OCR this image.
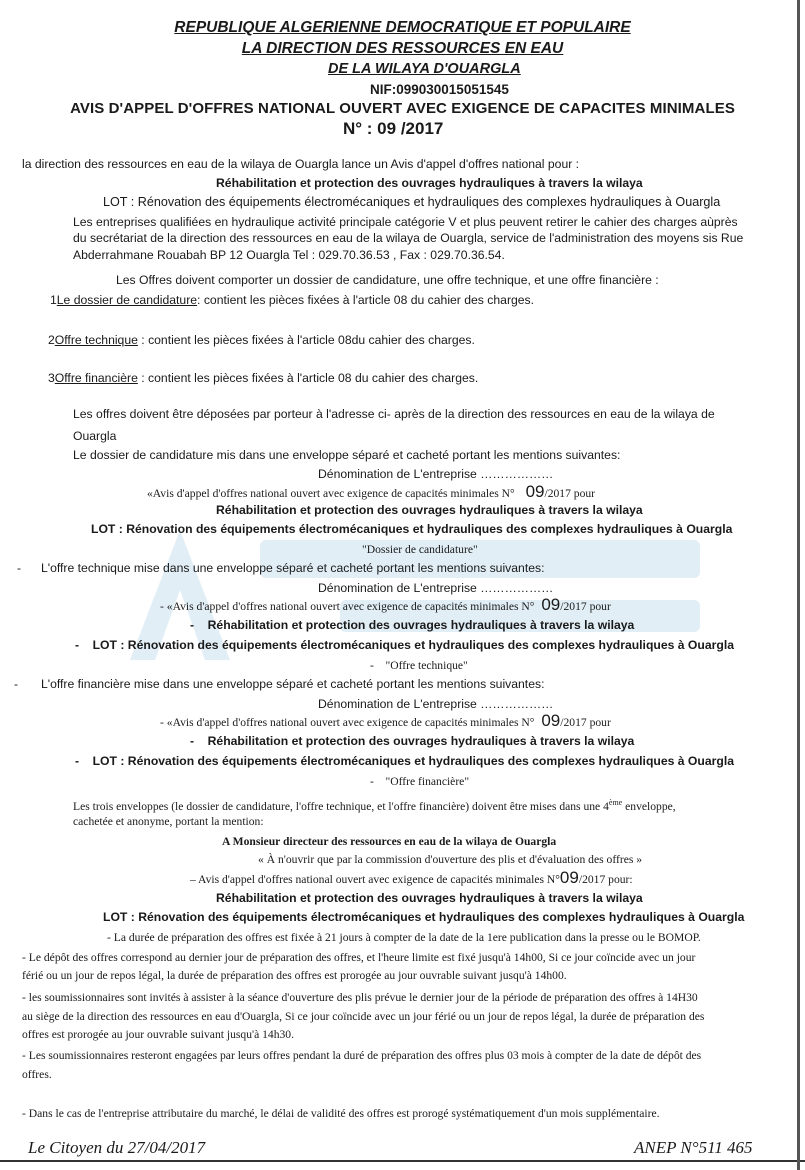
REPUBLIQUE ALGERIENNE DEMOCRATIQUE ET POPULAIRE
LA DIRECTION DES RESSOURCES EN EAU
DE LA WILAYA D'OUARGLA
NIF:099030015051545
AVIS D'APPEL D'OFFRES NATIONAL OUVERT AVEC EXIGENCE DE CAPACITES MINIMALES
N° : 09 /2017
la direction des ressources en eau de la wilaya de Ouargla lance un Avis d'appel d'offres national pour :
Réhabilitation et protection des ouvrages hydrauliques à travers la wilaya
LOT : Rénovation des équipements électromécaniques et hydrauliques des complexes hydrauliques à Ouargla
Les entreprises qualifiées en hydraulique activité principale catégorie V et plus peuvent retirer le cahier des charges aùprès
du secrétariat de la direction des ressources en eau de la wilaya de Ouargla, service de l'administration des moyens sis Rue
Abderrahmane Rouabah BP 12 Ouargla Tel : 029.70.36.53 , Fax : 029.70.36.54.
Les Offres doivent comporter un dossier de candidature, une offre technique, et une offre financière :
1Le dossier de candidature: contient les pièces fixées à l'article 08 du cahier des charges.
2Offre technique : contient les pièces fixées à l'article 08du cahier des charges.
3Offre financière : contient les pièces fixées à l'article 08 du cahier des charges.
Les offres doivent être déposées par porteur à l'adresse ci- après de la direction des ressources en eau de la wilaya de
Ouargla
Le dossier de candidature mis dans une enveloppe séparé et cacheté portant les mentions suivantes:
Dénomination de L'entreprise ………………
«Avis d'appel d'offres national ouvert avec exigence de capacités minimales N° 09/2017 pour
Réhabilitation et protection des ouvrages hydrauliques à travers la wilaya
LOT : Rénovation des équipements électromécaniques et hydrauliques des complexes hydrauliques à Ouargla
"Dossier de candidature"
- L'offre technique mise dans une enveloppe séparé et cacheté portant les mentions suivantes:
Dénomination de L'entreprise ………………
- «Avis d'appel d'offres national ouvert avec exigence de capacités minimales N° 09/2017 pour
- Réhabilitation et protection des ouvrages hydrauliques à travers la wilaya
- LOT : Rénovation des équipements électromécaniques et hydrauliques des complexes hydrauliques à Ouargla
- "Offre technique"
- L'offre financière mise dans une enveloppe séparé et cacheté portant les mentions suivantes:
Dénomination de L'entreprise ………………
- «Avis d'appel d'offres national ouvert avec exigence de capacités minimales N° 09/2017 pour
- Réhabilitation et protection des ouvrages hydrauliques à travers la wilaya
- LOT : Rénovation des équipements électromécaniques et hydrauliques des complexes hydrauliques à Ouargla
- "Offre financière"
Les trois enveloppes (le dossier de candidature, l'offre technique, et l'offre financière) doivent être mises dans une 4ème enveloppe,
cachetée et anonyme, portant la mention:
A Monsieur directeur des ressources en eau de la wilaya de Ouargla
« À n'ouvrir que par la commission d'ouverture des plis et d'évaluation des offres »
– Avis d'appel d'offres national ouvert avec exigence de capacités minimales N°09/2017 pour:
Réhabilitation et protection des ouvrages hydrauliques à travers la wilaya
LOT : Rénovation des équipements électromécaniques et hydrauliques des complexes hydrauliques à Ouargla
- La durée de préparation des offres est fixée à 21 jours à compter de la date de la 1ere publication dans la presse ou le BOMOP.
- Le dépôt des offres correspond au dernier jour de préparation des offres, et l'heure limite est fixé jusqu'à 14h00, Si ce jour coïncide avec un jour
férié ou un jour de repos légal, la durée de préparation des offres est prorogée au jour ouvrable suivant jusqu'à 14h00.
- les soumissionnaires sont invités à assister à la séance d'ouverture des plis prévue le dernier jour de la période de préparation des offres à 14H30
au siège de la direction des ressources en eau d'Ouargla, Si ce jour coïncide avec un jour férié ou un jour de repos légal, la durée de préparation des
offres est prorogée au jour ouvrable suivant jusqu'à 14h30.
- Les soumissionnaires resteront engagées par leurs offres pendant la duré de préparation des offres plus 03 mois à compter de la date de dépôt des
offres.
- Dans le cas de l'entreprise attributaire du marché, le délai de validité des offres est prorogé systématiquement d'un mois supplémentaire.
Le Citoyen du 27/04/2017	ANEP N°511 465
